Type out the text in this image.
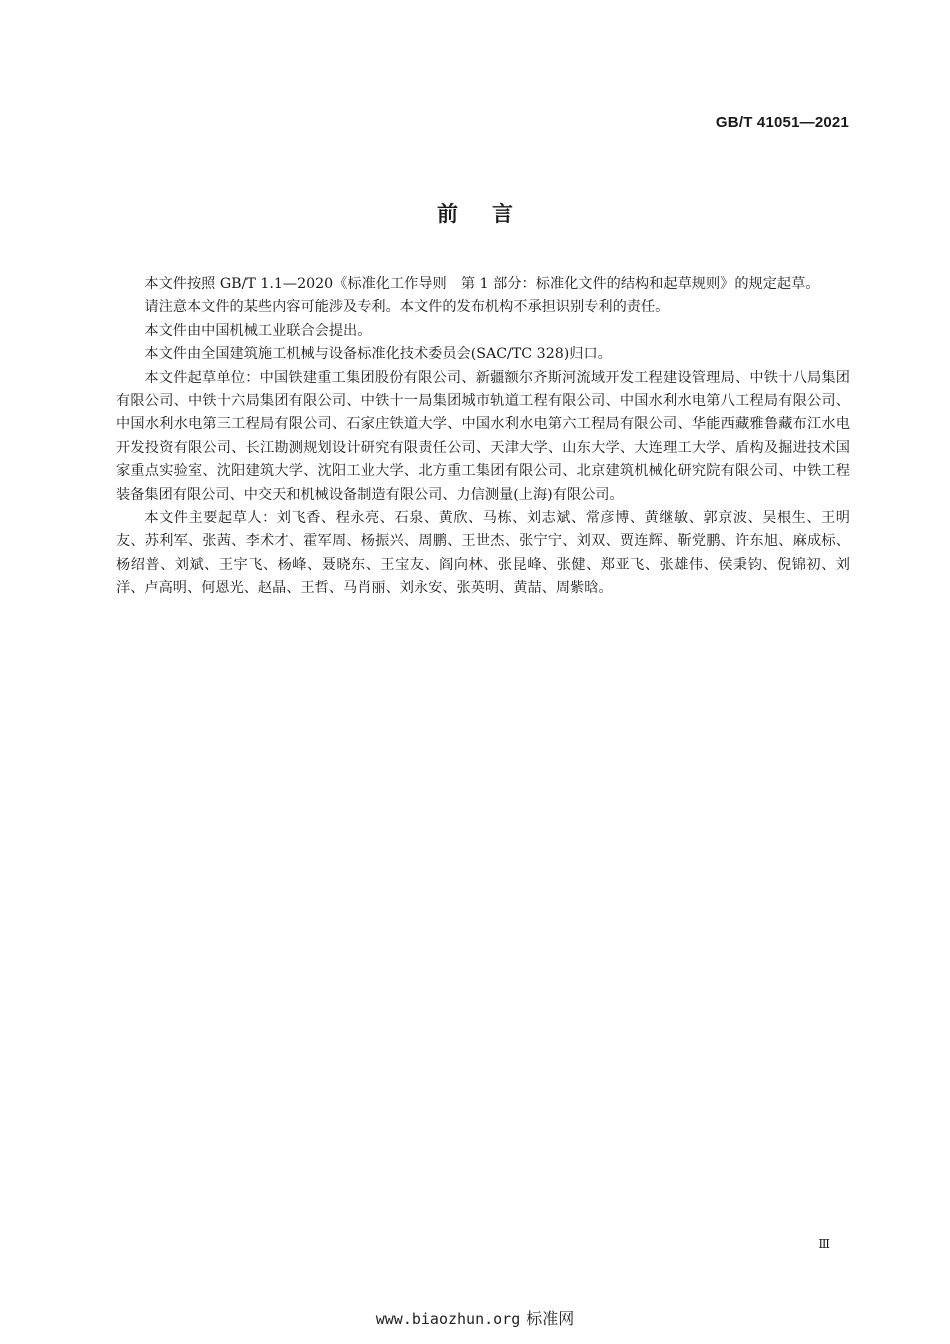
GB/T 41051—2021
前言

本文件按照 GB/T 1.1—2020《标准化工作导则　第 1 部分：标准化文件的结构和起草规则》的规定起草。

请注意本文件的某些内容可能涉及专利。本文件的发布机构不承担识别专利的责任。

本文件由中国机械工业联合会提出。

本文件由全国建筑施工机械与设备标准化技术委员会(SAC/TC 328)归口。

本文件起草单位：中国铁建重工集团股份有限公司、新疆额尔齐斯河流域开发工程建设管理局、中铁十八局集团有限公司、中铁十六局集团有限公司、中铁十一局集团城市轨道工程有限公司、中国水利水电第八工程局有限公司、中国水利水电第三工程局有限公司、石家庄铁道大学、中国水利水电第六工程局有限公司、华能西藏雅鲁藏布江水电开发投资有限公司、长江勘测规划设计研究有限责任公司、天津大学、山东大学、大连理工大学、盾构及掘进技术国家重点实验室、沈阳建筑大学、沈阳工业大学、北方重工集团有限公司、北京建筑机械化研究院有限公司、中铁工程装备集团有限公司、中交天和机械设备制造有限公司、力信测量(上海)有限公司。

本文件主要起草人：刘飞香、程永亮、石泉、黄欣、马栋、刘志斌、常彦博、黄继敏、郭京波、吴根生、王明友、苏利军、张茜、李术才、霍军周、杨振兴、周鹏、王世杰、张宁宁、刘双、贾连辉、靳党鹏、许东旭、麻成标、杨绍普、刘斌、王宇飞、杨峰、聂晓东、王宝友、阎向林、张昆峰、张健、郑亚飞、张雄伟、侯秉钧、倪锦初、刘洋、卢高明、何恩光、赵晶、王哲、马肖丽、刘永安、张英明、黄喆、周紫晗。

Ⅲ
www.biaozhun.org 标准网
